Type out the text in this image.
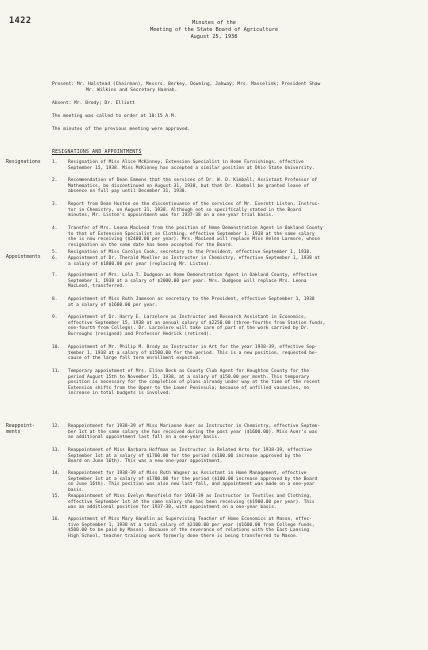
1422	Minutes of the
Meeting of the State Board of Agriculture
August 25, 1938
Present: Mr. Halstead (Chairman), Messrs. Berkey, Downing, Jakway; Mrs. Masselink; President Shaw
Mr. Wilkins and Secretary Hannah.
Absent: Mr. Brody; Dr. Elliott
The meeting was called to order at 10:15 A.M.
The minutes of the previous meeting were approved.
RESIGNATIONS AND APPOINTMENTS
Resignations
Appointments
Reappoint-
ments
1.	Resignation of Miss Alice McKinney, Extension Specialist in Home Furnishings, effective
September 15, 1938. Miss McKinney has accepted a similar position at Ohio State University.
2.	Recommendation of Dean Emmons that the services of Dr. W. D. Kimball, Assistant Professor of
Mathematics, be discontinued on August 31, 1938, but that Dr. Kimball be granted leave of
absence on full pay until December 31, 1938.
3.	Report from Dean Huston on the discontinuance of the services of Mr. Everett Liston, Instruc-
tor in Chemistry, on August 31, 1938. Although not so specifically stated in the Board
minutes, Mr. Liston's appointment was for 1937-38 on a one-year trial basis.
4.	Transfer of Mrs. Leona MacLeod from the position of Home Demonstration Agent in Oakland County
to that of Extension Specialist in Clothing, effective September 1, 1938 at the same salary
she is now receiving ($2400.00 per year). Mrs. MacLeod will replace Miss Helen Larmore, whose
resignation on the same date has been accepted for the Board.
5.	Resignation of Miss Carolyn Cook, secretary to the President, effective September 1, 1938.
6.	Appointment of Dr. Therald Moeller as Instructor in Chemistry, effective September 1, 1938 at
a salary of $1800.00 per year (replacing Mr. Liston).
7.	Appointment of Mrs. Lola T. Dudgeon as Home Demonstration Agent in Oakland County, effective
September 1, 1938 at a salary of $2000.00 per year. Mrs. Dudgeon will replace Mrs. Leona
MacLeod, transferred.
8.	Appointment of Miss Ruth Jameson as secretary to the President, effective September 1, 1938
at a salary of $1600.00 per year.
9.	Appointment of Dr. Harry E. Larzelere as Instructor and Research Assistant in Economics,
effective September 15, 1938 at an annual salary of $2250.00 (three-fourths from Station funds,
one-fourth from College). Dr. Larzelere will take care of part of the work carried by Dr.
Burroughs (resigned) and Professor Hedrick (retired).
10.	Appointment of Mr. Philip M. Brody as Instructor in Art for the year 1938-39, effective Sep-
tember 1, 1938 at a salary of $1500.00 for the period. This is a new position, requested be-
cause of the large fall term enrollment expected.
11.	Temporary appointment of Mrs. Elina Beck as County Club Agent for Houghton County for the
period August 15th to November 15, 1938, at a salary of $150.00 per month. This temporary
position is necessary for the completion of plans already under way at the time of the recent
Extension shifts from the Upper to the Lower Peninsula; because of unfilled vacancies, no
increase in total budgets is involved.
12.	Reappointment for 1938-39 of Miss Marianne Auer as Instructor in Chemistry, effective Septem-
ber 1st at the same salary she has received during the past year ($1600.00). Miss Auer's was
an additional appointment last fall on a one-year basis.
13.	Reappointment of Miss Barbara Hoffman as Instructor in Related Arts for 1938-39, effective
September 1st at a salary of $1700.00 for the period ($100.00 increase approved by the
Board on June 16th). This was a new one-year appointment.
14.	Reappointment for 1938-39 of Miss Ruth Wagner as Assistant in Home Management, effective
September 1st at a salary of $1700.00 for the period ($100.00 increase approved by the Board
on June 16th). This position was also new last fall, and appointment was made on a one-year
basis.
15.	Reappointment of Miss Evelyn Mansfield for 1938-39 as Instructor in Textiles and Clothing,
effective September 1st at the same salary she has been receiving ($1900.00 per year). This
was an additional position for 1937-38, with appointment on a one-year basis.
16.	Appointment of Miss Mary Handlin as Supervising Teacher of Home Economics at Mason, effec-
tive September 1, 1938 at a total salary of $2100.00 per year ($1600.00 from College funds,
$500.00 to be paid by Mason). Because of the severance of relations with the East Lansing
High School, teacher training work formerly done there is being transferred to Mason.
